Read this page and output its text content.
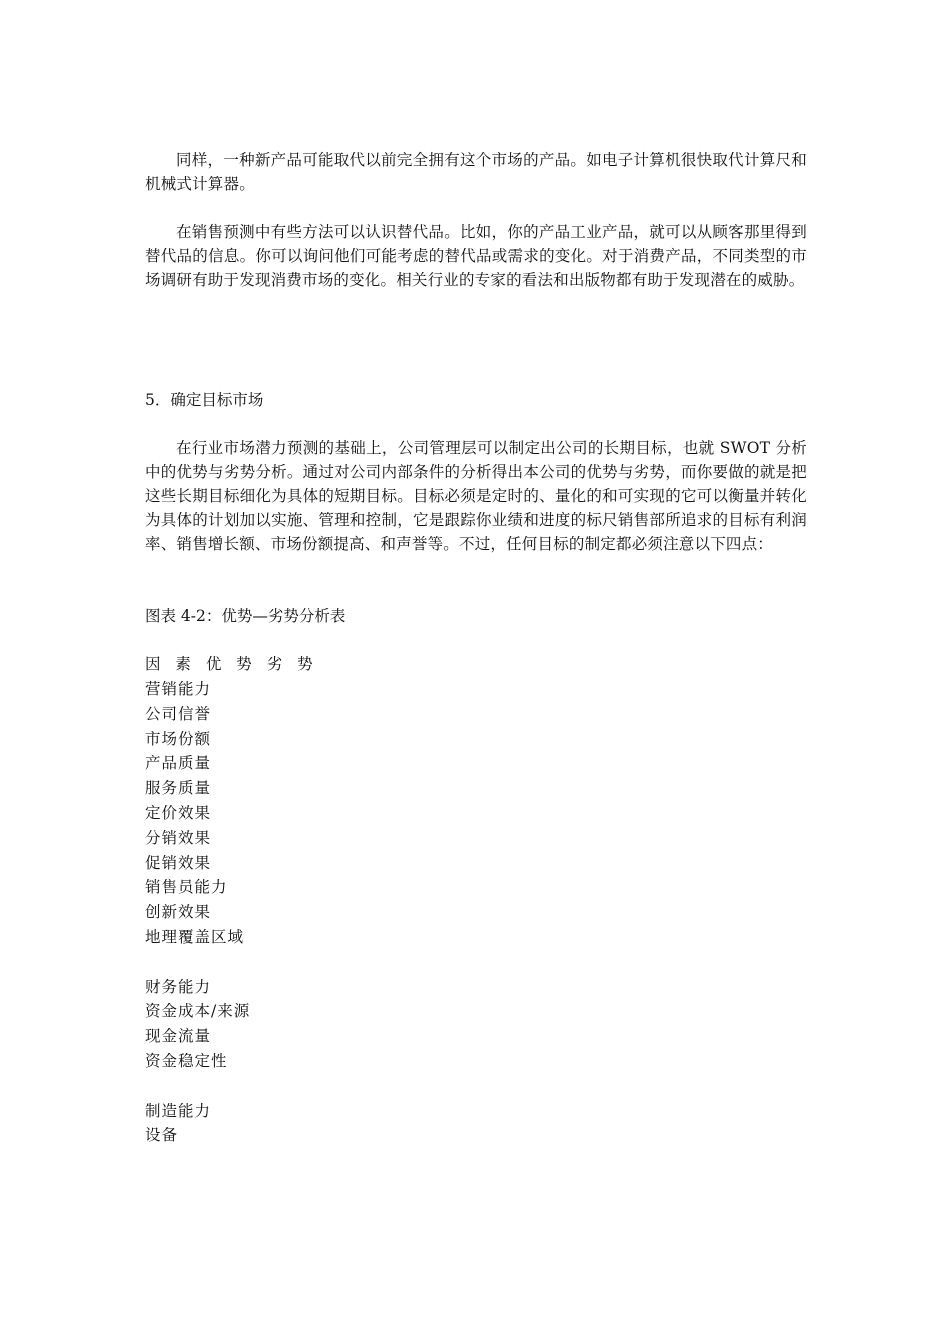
同样，一种新产品可能取代以前完全拥有这个市场的产品。如电子计算机很快取代计算尺和机械式计算器。

在销售预测中有些方法可以认识替代品。比如，你的产品工业产品，就可以从顾客那里得到替代品的信息。你可以询问他们可能考虑的替代品或需求的变化。对于消费产品，不同类型的市场调研有助于发现消费市场的变化。相关行业的专家的看法和出版物都有助于发现潜在的威胁。

5．确定目标市场

在行业市场潜力预测的基础上，公司管理层可以制定出公司的长期目标，也就 SWOT 分析中的优势与劣势分析。通过对公司内部条件的分析得出本公司的优势与劣势，而你要做的就是把这些长期目标细化为具体的短期目标。目标必须是定时的、量化的和可实现的它可以衡量并转化为具体的计划加以实施、管理和控制，它是跟踪你业绩和进度的标尺销售部所追求的目标有利润率、销售增长额、市场份额提高、和声誉等。不过，任何目标的制定都必须注意以下四点：

图表 4-2：优势—劣势分析表
因 素 优 势 劣 势
营销能力
公司信誉
市场份额
产品质量
服务质量
定价效果
分销效果
促销效果
销售员能力
创新效果
地理覆盖区域
财务能力
资金成本/来源
现金流量
资金稳定性
制造能力
设备
